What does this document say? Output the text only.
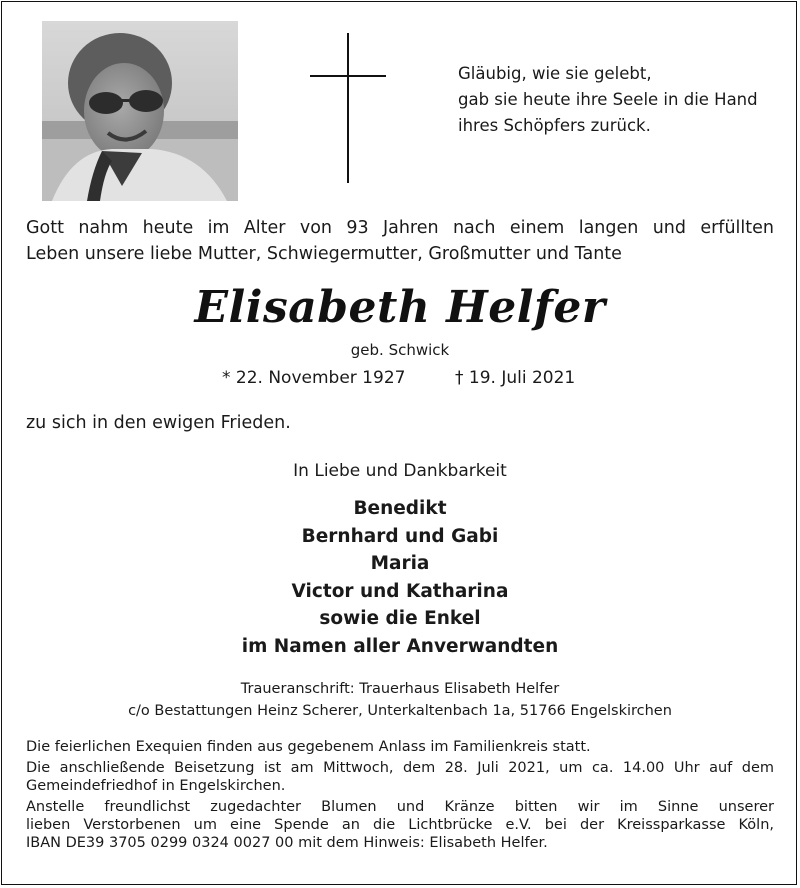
Gläubig, wie sie gelebt,
gab sie heute ihre Seele in die Hand
ihres Schöpfers zurück.
Gott nahm heute im Alter von 93 Jahren nach einem langen und erfüllten
Leben unsere liebe Mutter, Schwiegermutter, Großmutter und Tante
Elisabeth Helfer
geb. Schwick
* 22. November 1927	† 19. Juli 2021
zu sich in den ewigen Frieden.
In Liebe und Dankbarkeit
Benedikt
Bernhard und Gabi
Maria
Victor und Katharina
sowie die Enkel
im Namen aller Anverwandten
Traueranschrift: Trauerhaus Elisabeth Helfer
c/o Bestattungen Heinz Scherer, Unterkaltenbach 1a, 51766 Engelskirchen

Die feierlichen Exequien finden aus gegebenem Anlass im Familienkreis statt.

Die anschließende Beisetzung ist am Mittwoch, dem 28. Juli 2021, um ca. 14.00 Uhr auf dem
Gemeindefriedhof in Engelskirchen.

Anstelle freundlichst zugedachter Blumen und Kränze bitten wir im Sinne unserer
lieben Verstorbenen um eine Spende an die Lichtbrücke e.V. bei der Kreissparkasse Köln,
IBAN DE39 3705 0299 0324 0027 00 mit dem Hinweis: Elisabeth Helfer.
